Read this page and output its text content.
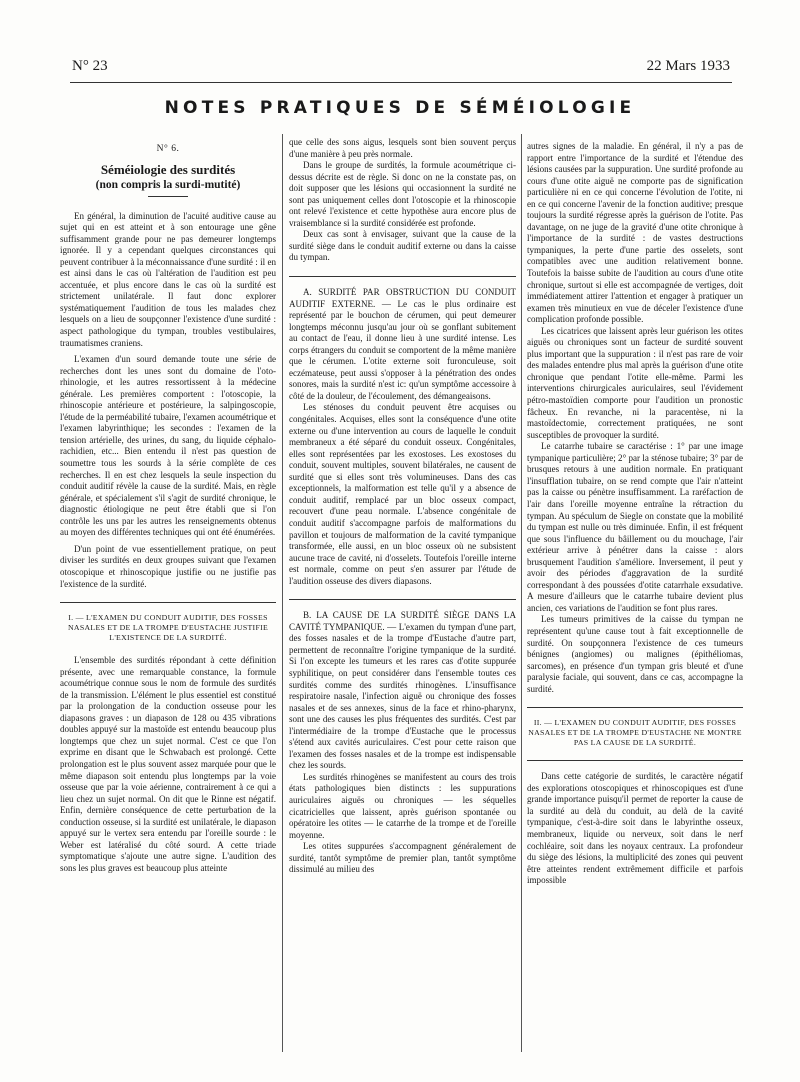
N° 23	22 Mars 1933
NOTES PRATIQUES DE SÉMÉIOLOGIE

N° 6.

Séméiologie des surdités

(non compris la surdi-mutité)

En général, la diminution de l'acuité auditive cause au sujet qui en est atteint et à son entourage une gêne suffisamment grande pour ne pas demeurer longtemps ignorée. Il y a cependant quelques circonstances qui peuvent contribuer à la méconnaissance d'une surdité : il en est ainsi dans le cas où l'altération de l'audition est peu accentuée, et plus encore dans le cas où la surdité est strictement unilatérale. Il faut donc explorer systématiquement l'audition de tous les malades chez lesquels on a lieu de soupçonner l'existence d'une surdité : aspect pathologique du tympan, troubles vestibulaires, traumatismes craniens.

L'examen d'un sourd demande toute une série de recherches dont les unes sont du domaine de l'oto-rhinologie, et les autres ressortissent à la médecine générale. Les premières comportent : l'otoscopie, la rhinoscopie antérieure et postérieure, la salpingoscopie, l'étude de la perméabilité tubaire, l'examen acoumétrique et l'examen labyrinthique; les secondes : l'examen de la tension artérielle, des urines, du sang, du liquide céphalo-rachidien, etc... Bien entendu il n'est pas question de soumettre tous les sourds à la série complète de ces recherches. Il en est chez lesquels la seule inspection du conduit auditif révèle la cause de la surdité. Mais, en règle générale, et spécialement s'il s'agit de surdité chronique, le diagnostic étiologique ne peut être établi que si l'on contrôle les uns par les autres les renseignements obtenus au moyen des différentes techniques qui ont été énumérées.

D'un point de vue essentiellement pratique, on peut diviser les surdités en deux groupes suivant que l'examen otoscopique et rhinoscopique justifie ou ne justifie pas l'existence de la surdité.

I. — L'EXAMEN DU CONDUIT AUDITIF, DES FOSSES NASALES ET DE LA TROMPE D'EUSTACHE JUSTIFIE L'EXISTENCE DE LA SURDITÉ.

L'ensemble des surdités répondant à cette définition présente, avec une remarquable constance, la formule acoumétrique connue sous le nom de formule des surdités de la transmission. L'élément le plus essentiel est constitué par la prolongation de la conduction osseuse pour les diapasons graves : un diapason de 128 ou 435 vibrations doubles appuyé sur la mastoïde est entendu beaucoup plus longtemps que chez un sujet normal. C'est ce que l'on exprime en disant que le Schwabach est prolongé. Cette prolongation est le plus souvent assez marquée pour que le même diapason soit entendu plus longtemps par la voie osseuse que par la voie aérienne, contrairement à ce qui a lieu chez un sujet normal. On dit que le Rinne est négatif. Enfin, dernière conséquence de cette perturbation de la conduction osseuse, si la surdité est unilatérale, le diapason appuyé sur le vertex sera entendu par l'oreille sourde : le Weber est latéralisé du côté sourd. A cette triade symptomatique s'ajoute une autre signe. L'audition des sons les plus graves est beaucoup plus atteinte

que celle des sons aigus, lesquels sont bien souvent perçus d'une manière à peu près normale.

Dans le groupe de surdités, la formule acoumétrique ci-dessus décrite est de règle. Si donc on ne la constate pas, on doit supposer que les lésions qui occasionnent la surdité ne sont pas uniquement celles dont l'otoscopie et la rhinoscopie ont relevé l'existence et cette hypothèse aura encore plus de vraisemblance si la surdité considérée est profonde.

Deux cas sont à envisager, suivant que la cause de la surdité siège dans le conduit auditif externe ou dans la caisse du tympan.

A. SURDITÉ PAR OBSTRUCTION DU CONDUIT AUDITIF EXTERNE. — Le cas le plus ordinaire est représenté par le bouchon de cérumen, qui peut demeurer longtemps méconnu jusqu'au jour où se gonflant subitement au contact de l'eau, il donne lieu à une surdité intense. Les corps étrangers du conduit se comportent de la même manière que le cérumen. L'otite externe soit furonculeuse, soit eczémateuse, peut aussi s'opposer à la pénétration des ondes sonores, mais la surdité n'est ic: qu'un symptôme accessoire à côté de la douleur, de l'écoulement, des démangeaisons.

Les sténoses du conduit peuvent être acquises ou congénitales. Acquises, elles sont la conséquence d'une otite externe ou d'une intervention au cours de laquelle le conduit membraneux a été séparé du conduit osseux. Congénitales, elles sont représentées par les exostoses. Les exostoses du conduit, souvent multiples, souvent bilatérales, ne causent de surdité que si elles sont très volumineuses. Dans des cas exceptionnels, la malformation est telle qu'il y a absence de conduit auditif, remplacé par un bloc osseux compact, recouvert d'une peau normale. L'absence congénitale de conduit auditif s'accompagne parfois de malformations du pavillon et toujours de malformation de la cavité tympanique transformée, elle aussi, en un bloc osseux où ne subsistent aucune trace de cavité, ni d'osselets. Toutefois l'oreille interne est normale, comme on peut s'en assurer par l'étude de l'audition osseuse des divers diapasons.

B. LA CAUSE DE LA SURDITÉ SIÈGE DANS LA CAVITÉ TYMPANIQUE. — L'examen du tympan d'une part, des fosses nasales et de la trompe d'Eustache d'autre part, permettent de reconnaître l'origine tympanique de la surdité. Si l'on excepte les tumeurs et les rares cas d'otite suppurée syphilitique, on peut considérer dans l'ensemble toutes ces surdités comme des surdités rhinogènes. L'insuffisance respiratoire nasale, l'infection aiguë ou chronique des fosses nasales et de ses annexes, sinus de la face et rhino-pharynx, sont une des causes les plus fréquentes des surdités. C'est par l'intermédiaire de la trompe d'Eustache que le processus s'étend aux cavités auriculaires. C'est pour cette raison que l'examen des fosses nasales et de la trompe est indispensable chez les sourds.

Les surdités rhinogènes se manifestent au cours des trois états pathologiques bien distincts : les suppurations auriculaires aiguës ou chroniques — les séquelles cicatricielles que laissent, après guérison spontanée ou opératoire les otites — le catarrhe de la trompe et de l'oreille moyenne.

Les otites suppurées s'accompagnent généralement de surdité, tantôt symptôme de premier plan, tantôt symptôme dissimulé au milieu des

autres signes de la maladie. En général, il n'y a pas de rapport entre l'importance de la surdité et l'étendue des lésions causées par la suppuration. Une surdité profonde au cours d'une otite aiguë ne comporte pas de signification particulière ni en ce qui concerne l'évolution de l'otite, ni en ce qui concerne l'avenir de la fonction auditive; presque toujours la surdité régresse après la guérison de l'otite. Pas davantage, on ne juge de la gravité d'une otite chronique à l'importance de la surdité : de vastes destructions tympaniques, la perte d'une partie des osselets, sont compatibles avec une audition relativement bonne. Toutefois la baisse subite de l'audition au cours d'une otite chronique, surtout si elle est accompagnée de vertiges, doit immédiatement attirer l'attention et engager à pratiquer un examen très minutieux en vue de déceler l'existence d'une complication profonde possible.

Les cicatrices que laissent après leur guérison les otites aiguës ou chroniques sont un facteur de surdité souvent plus important que la suppuration : il n'est pas rare de voir des malades entendre plus mal après la guérison d'une otite chronique que pendant l'otite elle-même. Parmi les interventions chirurgicales auriculaires, seul l'évidement pétro-mastoïdien comporte pour l'audition un pronostic fâcheux. En revanche, ni la paracentèse, ni la mastoïdectomie, correctement pratiquées, ne sont susceptibles de provoquer la surdité.

Le catarrhe tubaire se caractérise : 1° par une image tympanique particulière; 2° par la sténose tubaire; 3° par de brusques retours à une audition normale. En pratiquant l'insufflation tubaire, on se rend compte que l'air n'atteint pas la caisse ou pénètre insuffisamment. La raréfaction de l'air dans l'oreille moyenne entraîne la rétraction du tympan. Au spéculum de Siegle on constate que la mobilité du tympan est nulle ou très diminuée. Enfin, il est fréquent que sous l'influence du bâillement ou du mouchage, l'air extérieur arrive à pénétrer dans la caisse : alors brusquement l'audition s'améliore. Inversement, il peut y avoir des périodes d'aggravation de la surdité correspondant à des poussées d'otite catarrhale exsudative. A mesure d'ailleurs que le catarrhe tubaire devient plus ancien, ces variations de l'audition se font plus rares.

Les tumeurs primitives de la caisse du tympan ne représentent qu'une cause tout à fait exceptionnelle de surdité. On soupçonnera l'existence de ces tumeurs bénignes (angiomes) ou malignes (épithéliomas, sarcomes), en présence d'un tympan gris bleuté et d'une paralysie faciale, qui souvent, dans ce cas, accompagne la surdité.

II. — L'EXAMEN DU CONDUIT AUDITIF, DES FOSSES NASALES ET DE LA TROMPE D'EUSTACHE NE MONTRE PAS LA CAUSE DE LA SURDITÉ.

Dans cette catégorie de surdités, le caractère négatif des explorations otoscopiques et rhinoscopiques est d'une grande importance puisqu'il permet de reporter la cause de la surdité au delà du conduit, au delà de la cavité tympanique, c'est-à-dire soit dans le labyrinthe osseux, membraneux, liquide ou nerveux, soit dans le nerf cochléaire, soit dans les noyaux centraux. La profondeur du siège des lésions, la multiplicité des zones qui peuvent être atteintes rendent extrêmement difficile et parfois impossible
